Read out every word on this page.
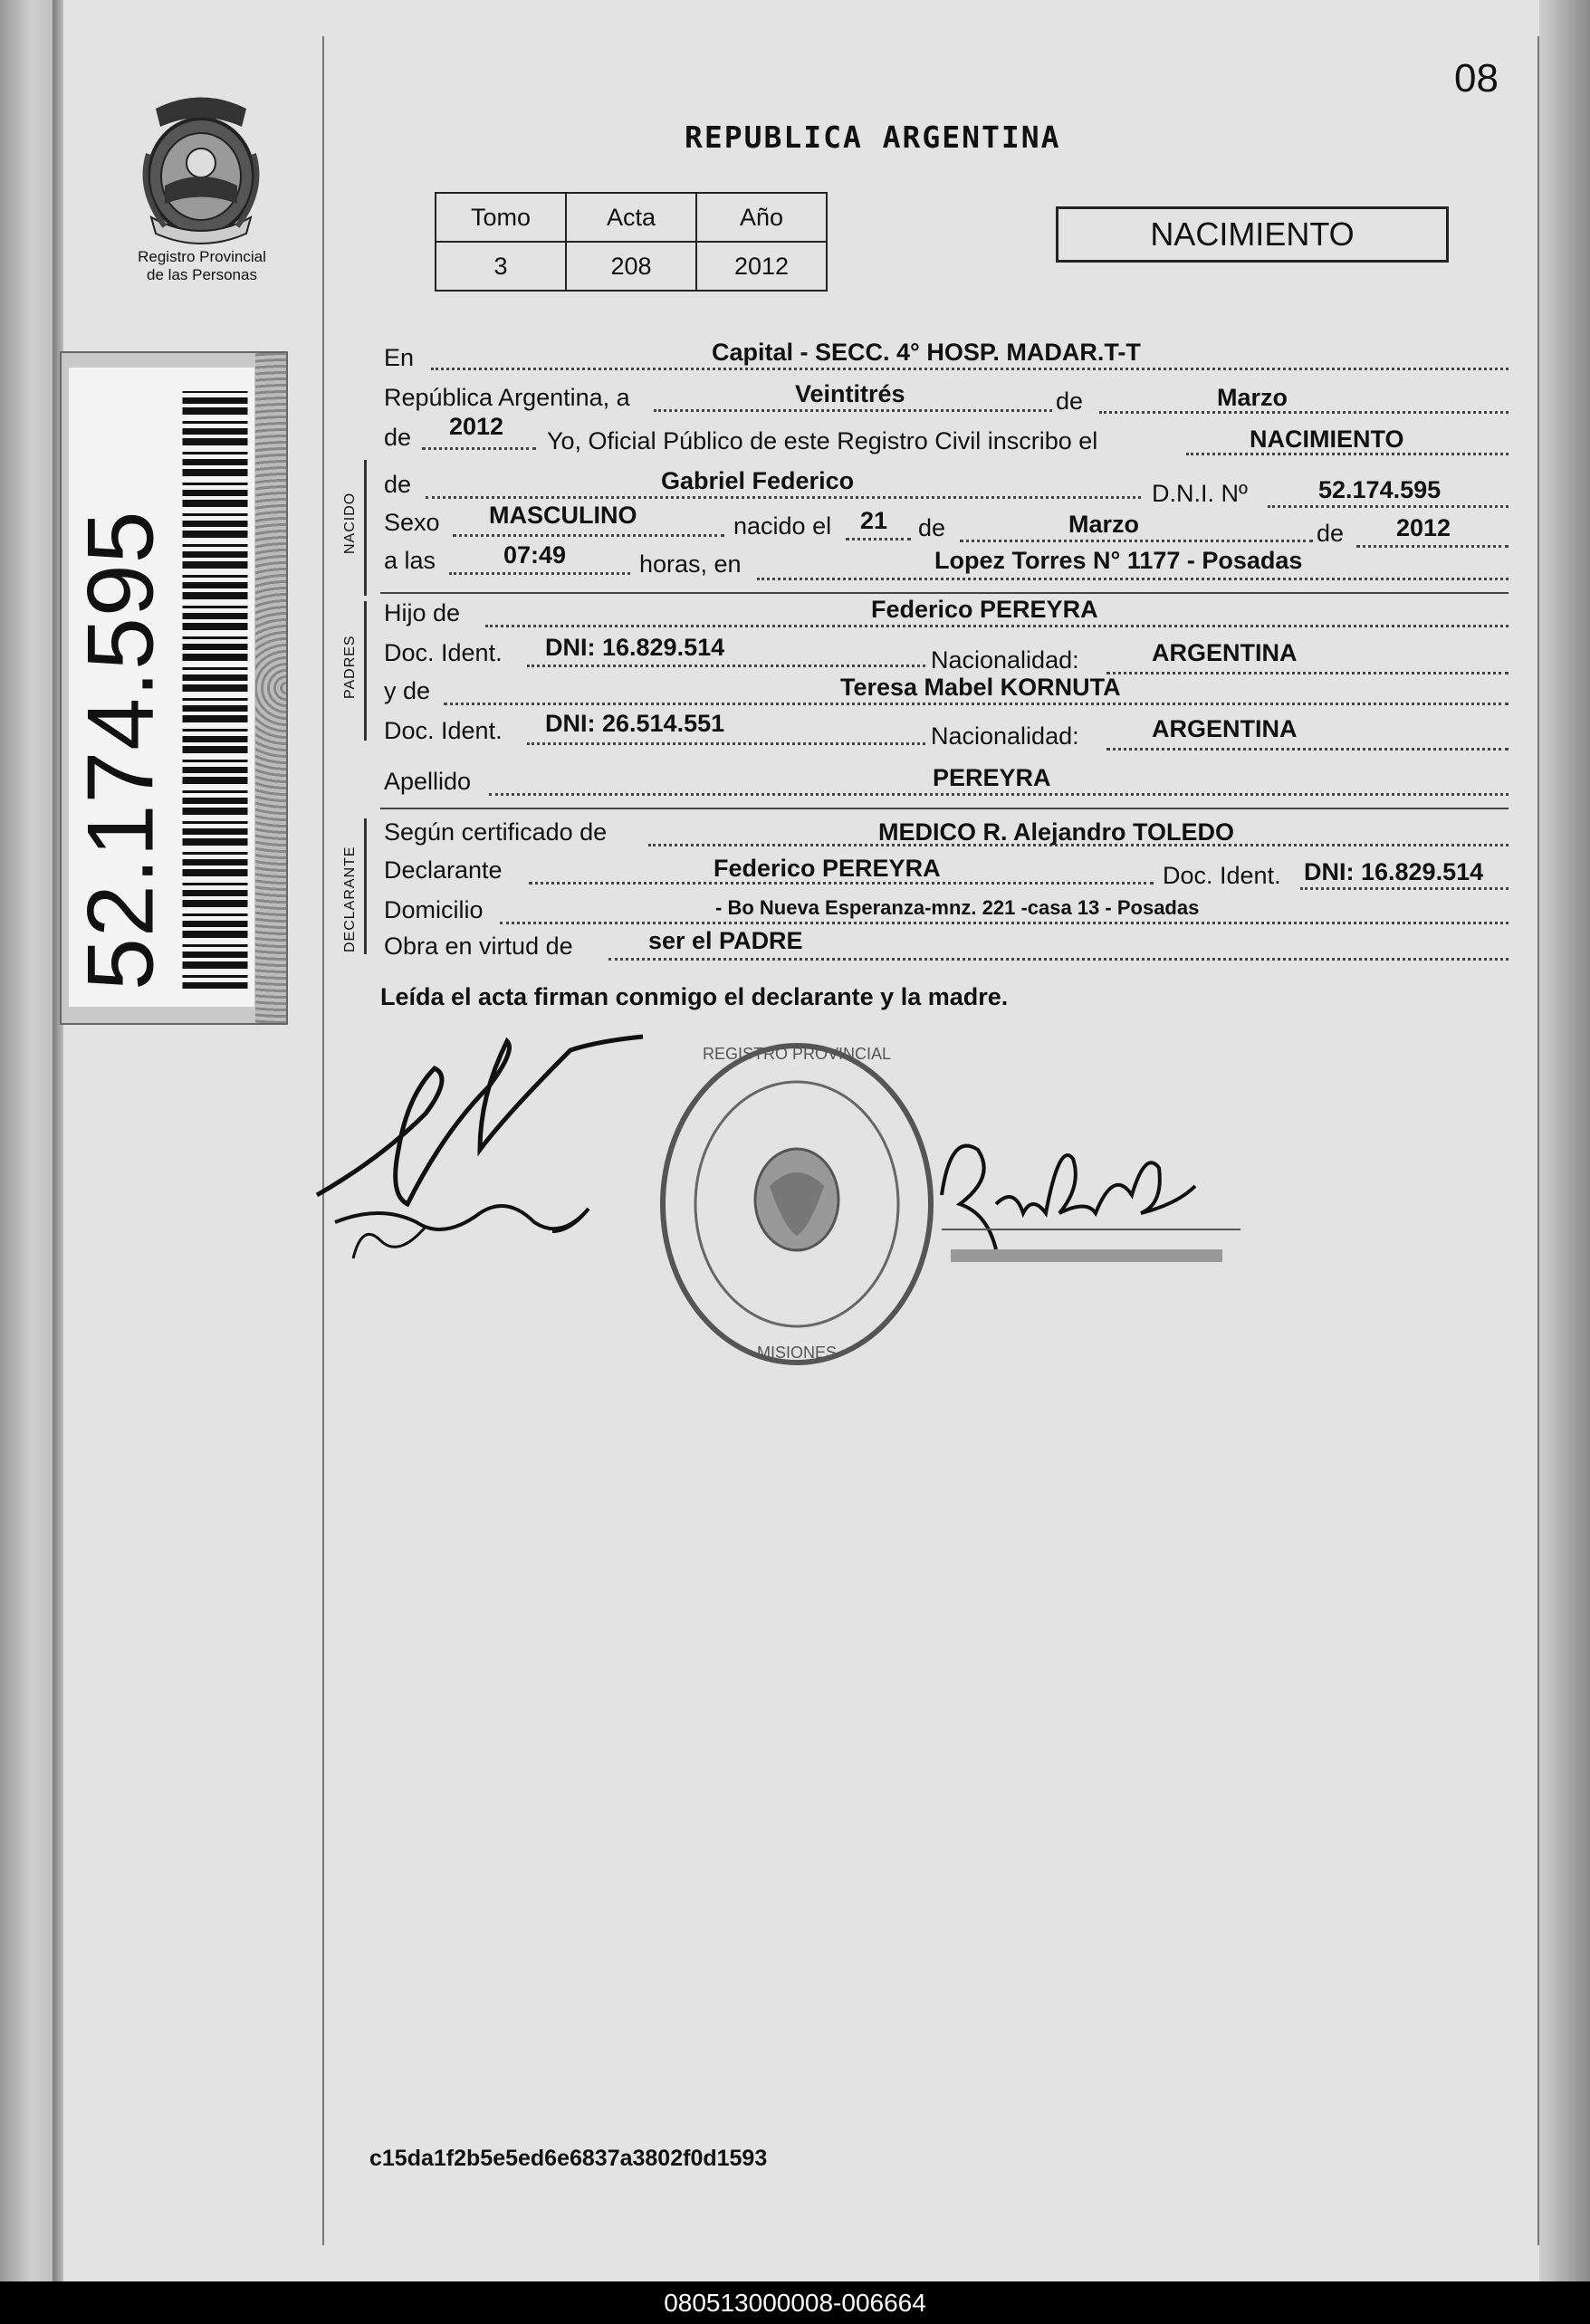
08
Registro Provincial
de las Personas
52.174.595
REPUBLICA ARGENTINA
Tomo	Acta	Año
3	208	2012
NACIMIENTO
En	Capital - SECC. 4° HOSP. MADAR.T-T
República Argentina, a	Veintitrés	de	Marzo
de 2012
Yo, Oficial Público de este Registro Civil inscribo el	NACIMIENTO
NACIDO
de	Gabriel Federico	D.N.I. Nº	52.174.595
Sexo MASCULINO	nacido el 21 de	Marzo	de 2012
a las	07:49	horas, en	Lopez Torres N° 1177 - Posadas
PADRES
Hijo de	Federico PEREYRA
Doc. Ident. DNI: 16.829.514	Nacionalidad:	ARGENTINA
y de	Teresa Mabel KORNUTA
Doc. Ident. DNI: 26.514.551	Nacionalidad:	ARGENTINA
Apellido	PEREYRA
DECLARANTE
Según certificado de	MEDICO R. Alejandro TOLEDO
Declarante	Federico PEREYRA	Doc. Ident. DNI: 16.829.514
Domicilio	- Bo Nueva Esperanza-mnz. 221 -casa 13 - Posadas
Obra en virtud de	ser el PADRE
Leída el acta firman conmigo el declarante y la madre.
REGISTRO PROVINCIAL
MISIONES
c15da1f2b5e5ed6e6837a3802f0d1593
080513000008-006664
